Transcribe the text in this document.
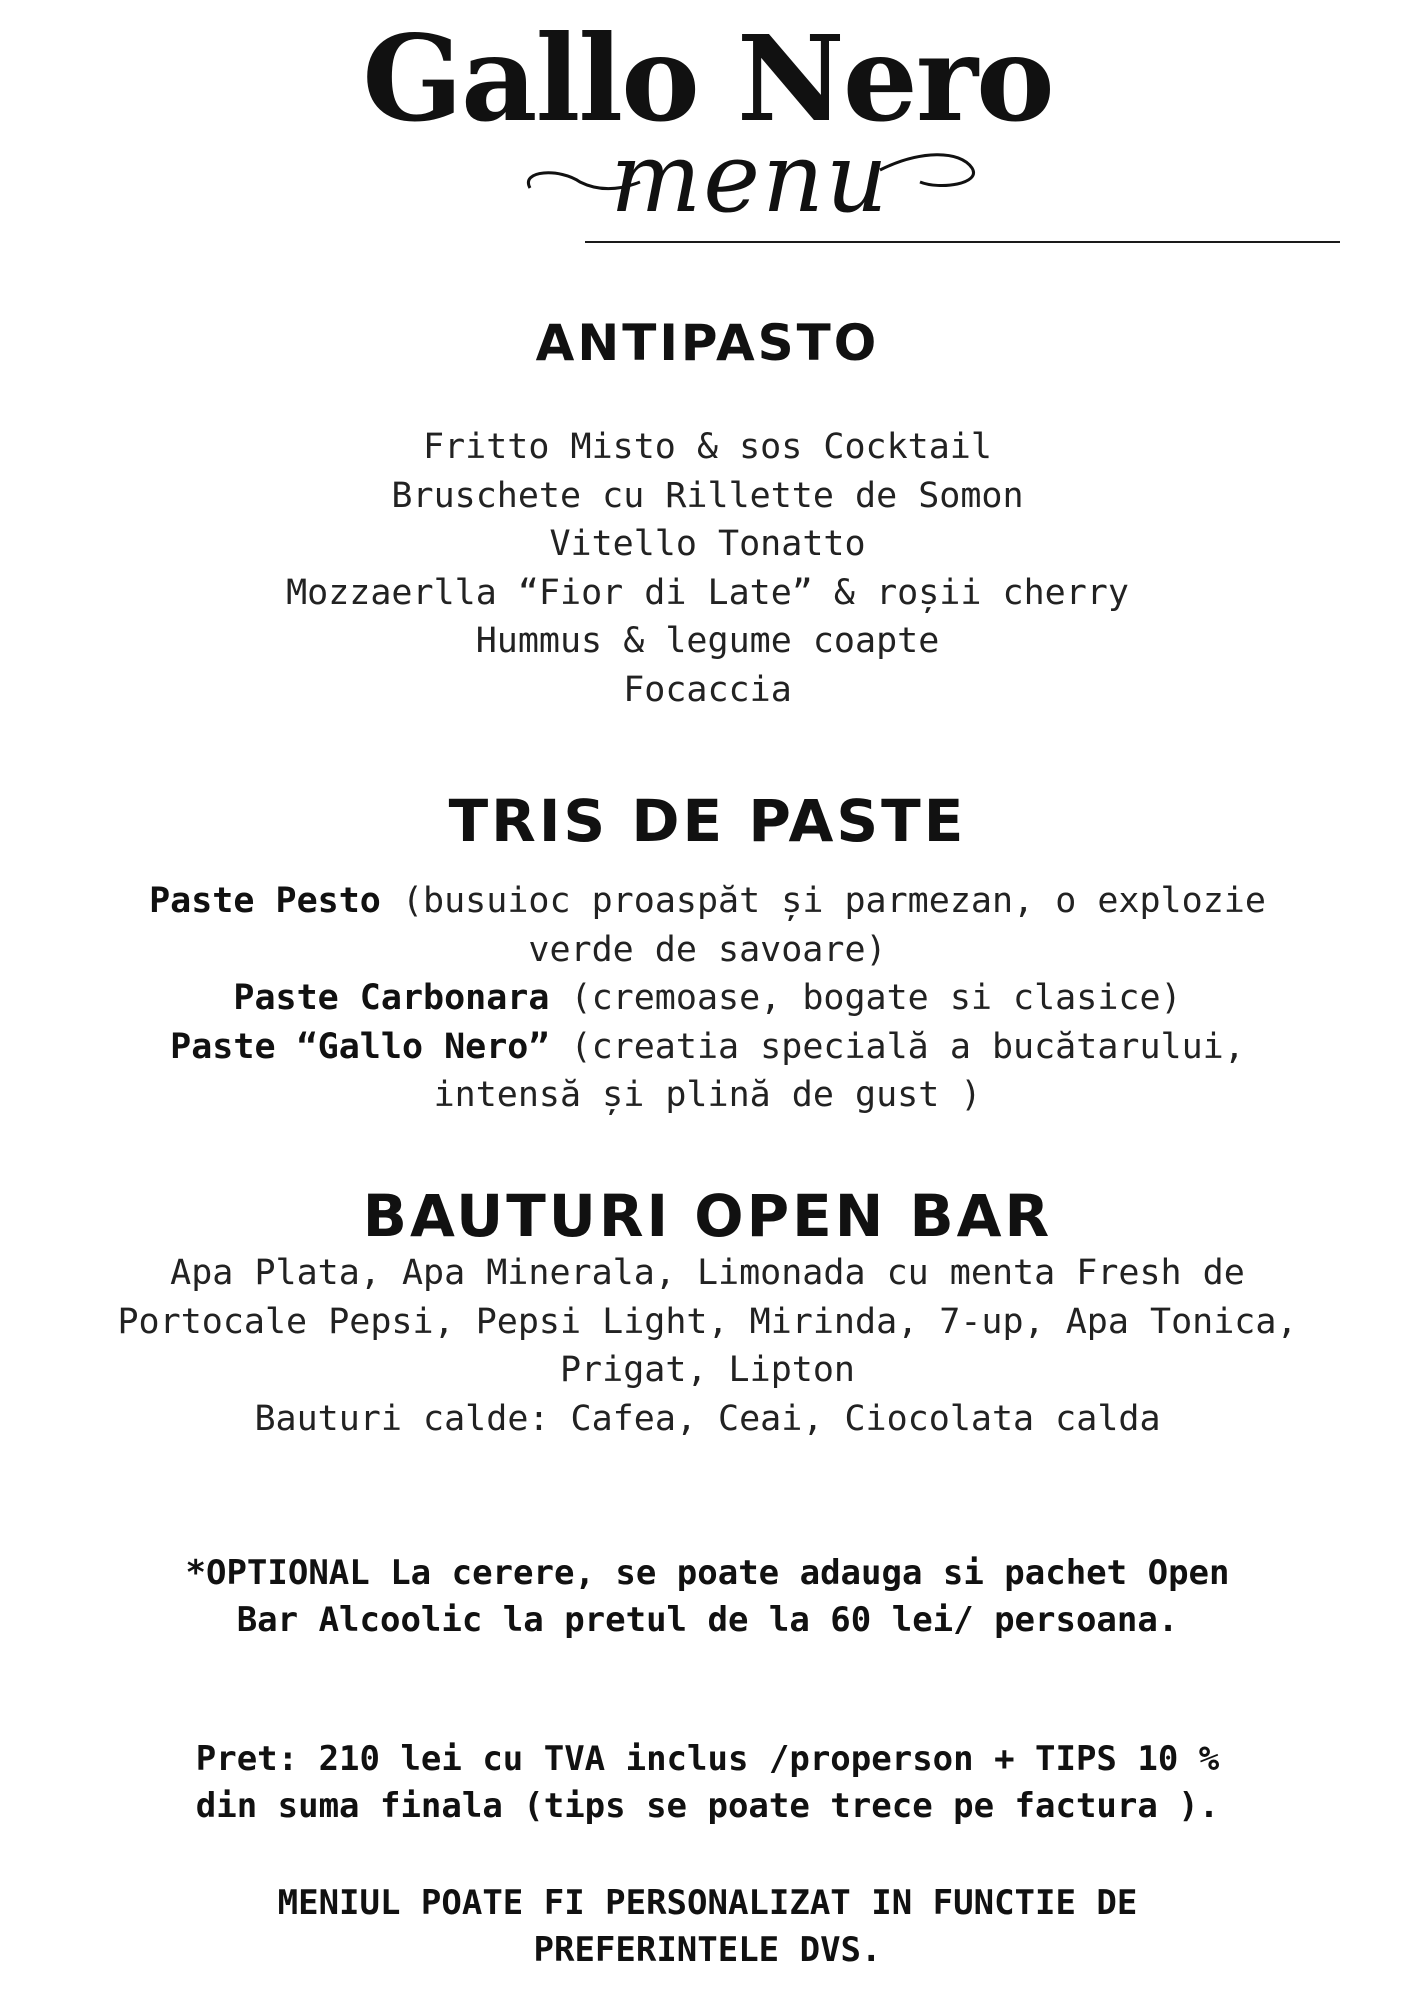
Gallo Nero
menu
ANTIPASTO
Fritto Misto & sos Cocktail
Bruschete cu Rillette de Somon
Vitello Tonatto
Mozzaerlla “Fior di Late” & roșii cherry
Hummus & legume coapte
Focaccia
TRIS DE PASTE
Paste Pesto (busuioc proaspăt și parmezan, o explozie
verde de savoare)
Paste Carbonara (cremoase, bogate si clasice)
Paste “Gallo Nero” (creatia specială a bucătarului,
intensă și plină de gust )
BAUTURI OPEN BAR
Apa Plata, Apa Minerala, Limonada cu menta Fresh de
Portocale Pepsi, Pepsi Light, Mirinda, 7-up, Apa Tonica,
Prigat, Lipton
Bauturi calde: Cafea, Ceai, Ciocolata calda
*OPTIONAL La cerere, se poate adauga si pachet Open
Bar Alcoolic la pretul de la 60 lei/ persoana.
Pret: 210 lei cu TVA inclus /properson + TIPS 10 %
din suma finala (tips se poate trece pe factura ).
MENIUL POATE FI PERSONALIZAT IN FUNCTIE DE
PREFERINTELE DVS.
